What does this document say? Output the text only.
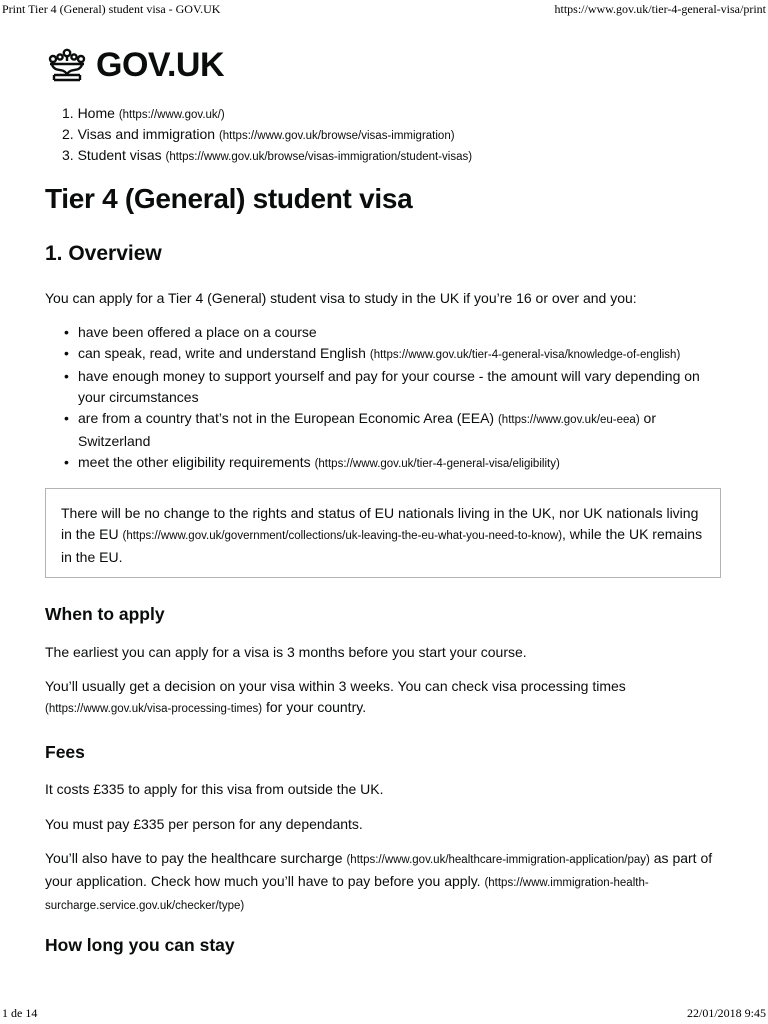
Print Tier 4 (General) student visa - GOV.UK	https://www.gov.uk/tier-4-general-visa/print
GOV.UK
1. Home (https://www.gov.uk/)
2. Visas and immigration (https://www.gov.uk/browse/visas-immigration)
3. Student visas (https://www.gov.uk/browse/visas-immigration/student-visas)
Tier 4 (General) student visa
1. Overview

You can apply for a Tier 4 (General) student visa to study in the UK if you’re 16 or over and you:

• have been offered a place on a course
• can speak, read, write and understand English (https://www.gov.uk/tier-4-general-visa/knowledge-of-english)
• have enough money to support yourself and pay for your course - the amount will vary depending on your circumstances
• are from a country that’s not in the European Economic Area (EEA) (https://www.gov.uk/eu-eea) or Switzerland
• meet the other eligibility requirements (https://www.gov.uk/tier-4-general-visa/eligibility)

There will be no change to the rights and status of EU nationals living in the UK, nor UK nationals living in the EU (https://www.gov.uk/government/collections/uk-leaving-the-eu-what-you-need-to-know), while the UK remains in the EU.

When to apply

The earliest you can apply for a visa is 3 months before you start your course.

You’ll usually get a decision on your visa within 3 weeks. You can check visa processing times (https://www.gov.uk/visa-processing-times) for your country.

Fees

It costs £335 to apply for this visa from outside the UK.

You must pay £335 per person for any dependants.

You’ll also have to pay the healthcare surcharge (https://www.gov.uk/healthcare-immigration-application/pay) as part of your application. Check how much you’ll have to pay before you apply. (https://www.immigration-health-surcharge.service.gov.uk/checker/type)

How long you can stay
1 de 14	22/01/2018 9:45
